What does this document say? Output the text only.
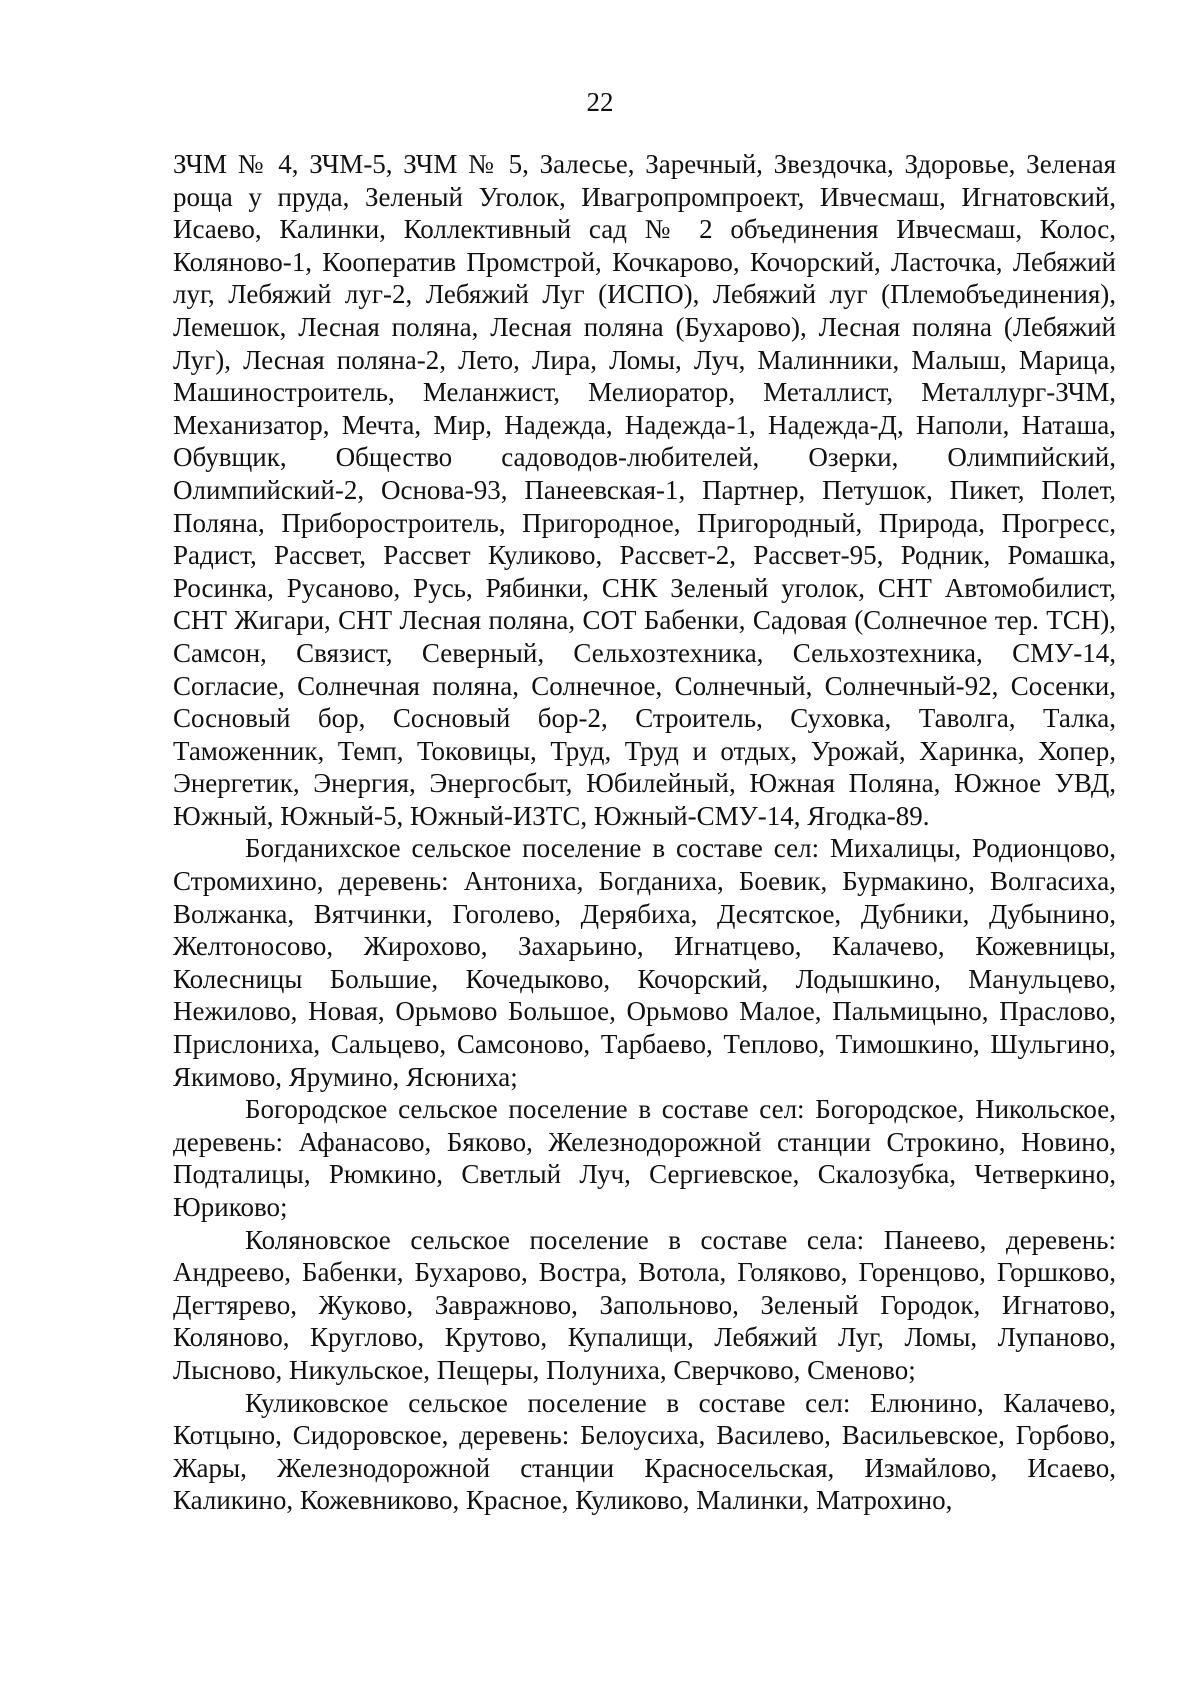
22

ЗЧМ № 4, ЗЧМ-5, ЗЧМ № 5, Залесье, Заречный, Звездочка, Здоровье, Зеленая роща у пруда, Зеленый Уголок, Ивагропромпроект, Ивчесмаш, Игнатовский, Исаево, Калинки, Коллективный сад № 2 объединения Ивчесмаш, Колос, Коляново-1, Кооператив Промстрой, Кочкарово, Кочорский, Ласточка, Лебяжий луг, Лебяжий луг-2, Лебяжий Луг (ИСПО), Лебяжий луг (Племобъединения), Лемешок, Лесная поляна, Лесная поляна (Бухарово), Лесная поляна (Лебяжий Луг), Лесная поляна-2, Лето, Лира, Ломы, Луч, Малинники, Малыш, Марица, Машиностроитель, Меланжист, Мелиоратор, Металлист, Металлург-ЗЧМ, Механизатор, Мечта, Мир, Надежда, Надежда-1, Надежда-Д, Наполи, Наташа, Обувщик, Общество садоводов-любителей, Озерки, Олимпийский, Олимпийский-2, Основа-93, Панеевская-1, Партнер, Петушок, Пикет, Полет, Поляна, Приборостроитель, Пригородное, Пригородный, Природа, Прогресс, Радист, Рассвет, Рассвет Куликово, Рассвет-2, Рассвет-95, Родник, Ромашка, Росинка, Русаново, Русь, Рябинки, СНК Зеленый уголок, СНТ Автомобилист, СНТ Жигари, СНТ Лесная поляна, СОТ Бабенки, Садовая (Солнечное тер. ТСН), Самсон, Связист, Северный, Сельхозтехника, Сельхозтехника, СМУ-14, Согласие, Солнечная поляна, Солнечное, Солнечный, Солнечный-92, Сосенки, Сосновый бор, Сосновый бор-2, Строитель, Суховка, Таволга, Талка, Таможенник, Темп, Токовицы, Труд, Труд и отдых, Урожай, Харинка, Хопер, Энергетик, Энергия, Энергосбыт, Юбилейный, Южная Поляна, Южное УВД, Южный, Южный-5, Южный-ИЗТС, Южный-СМУ-14, Ягодка-89.

Богданихское сельское поселение в составе сел: Михалицы, Родионцово, Стромихино, деревень: Антониха, Богданиха, Боевик, Бурмакино, Волгасиха, Волжанка, Вятчинки, Гоголево, Дерябиха, Десятское, Дубники, Дубынино, Желтоносово, Жирохово, Захарьино, Игнатцево, Калачево, Кожевницы, Колесницы Большие, Кочедыково, Кочорский, Лодышкино, Манульцево, Нежилово, Новая, Орьмово Большое, Орьмово Малое, Пальмицыно, Праслово, Прислониха, Сальцево, Самсоново, Тарбаево, Теплово, Тимошкино, Шульгино, Якимово, Ярумино, Ясюниха;

Богородское сельское поселение в составе сел: Богородское, Никольское, деревень: Афанасово, Бяково, Железнодорожной станции Строкино, Новино, Подталицы, Рюмкино, Светлый Луч, Сергиевское, Скалозубка, Четверкино, Юриково;

Коляновское сельское поселение в составе села: Панеево, деревень: Андреево, Бабенки, Бухарово, Востра, Вотола, Голяково, Горенцово, Горшково, Дегтярево, Жуково, Завражново, Запольново, Зеленый Городок, Игнатово, Коляново, Круглово, Крутово, Купалищи, Лебяжий Луг, Ломы, Лупаново, Лысново, Никульское, Пещеры, Полуниха, Сверчково, Сменово;

Куликовское сельское поселение в составе сел: Елюнино, Калачево, Котцыно, Сидоровское, деревень: Белоусиха, Василево, Васильевское, Горбово, Жары, Железнодорожной станции Красносельская, Измайлово, Исаево, Каликино, Кожевниково, Красное, Куликово, Малинки, Матрохино,
